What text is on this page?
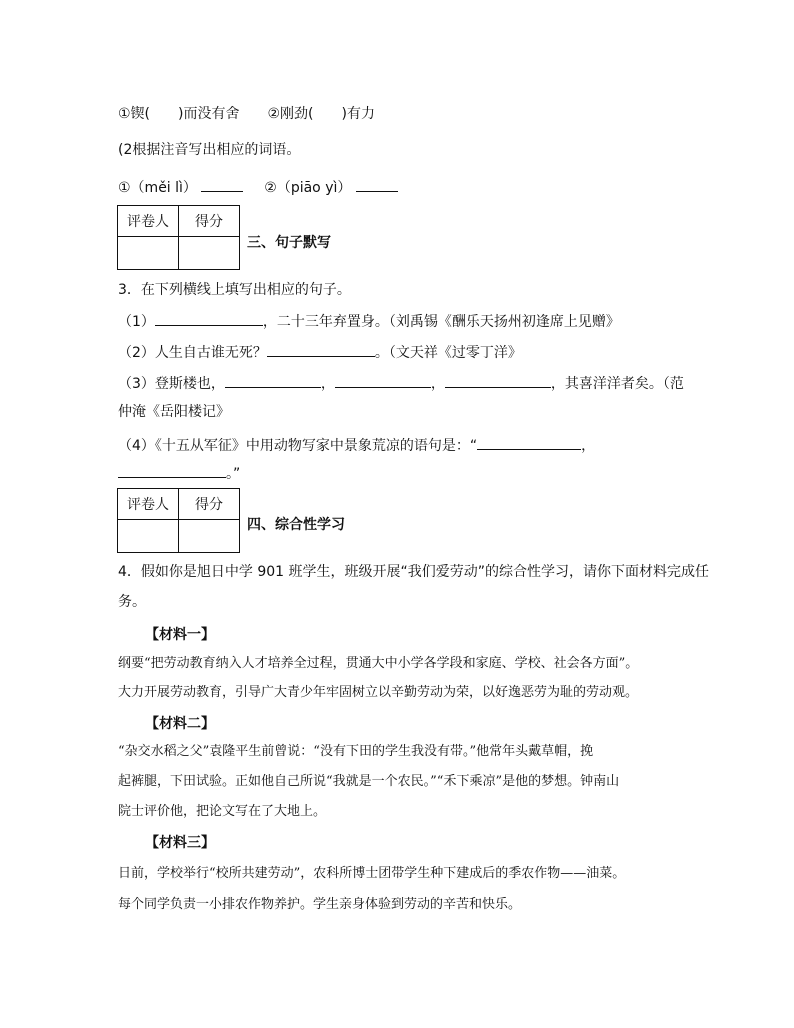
①锲( )而没有舍 ②刚劲( )有力
(2根据注音写出相应的词语。
①（měi lì）	②（piāo yì）
评卷人	得分

三、句子默写
3．在下列横线上填写出相应的句子。
（1）	，二十三年弃置身。（刘禹锡《酬乐天扬州初逢席上见赠》
（2）人生自古谁无死？	。（文天祥《过零丁洋》
（3）登斯楼也，	，	，	，其喜洋洋者矣。（范
仲淹《岳阳楼记》
（4）《十五从军征》中用动物写家中景象荒凉的语句是：“	，
。”
评卷人	得分

四、综合性学习
4．假如你是旭日中学 901 班学生，班级开展“我们爱劳动”的综合性学习，请你下面材料完成任
务。
【材料一】
纲要“把劳动教育纳入人才培养全过程，贯通大中小学各学段和家庭、学校、社会各方面”。
大力开展劳动教育，引导广大青少年牢固树立以辛勤劳动为荣，以好逸恶劳为耻的劳动观。
【材料二】
“杂交水稻之父”袁隆平生前曾说：“没有下田的学生我没有带。”他常年头戴草帽，挽
起裤腿，下田试验。正如他自己所说“我就是一个农民。”“禾下乘凉”是他的梦想。钟南山
院士评价他，把论文写在了大地上。
【材料三】
日前，学校举行“校所共建劳动”，农科所博士团带学生种下建成后的季农作物——油菜。
每个同学负责一小排农作物养护。学生亲身体验到劳动的辛苦和快乐。
